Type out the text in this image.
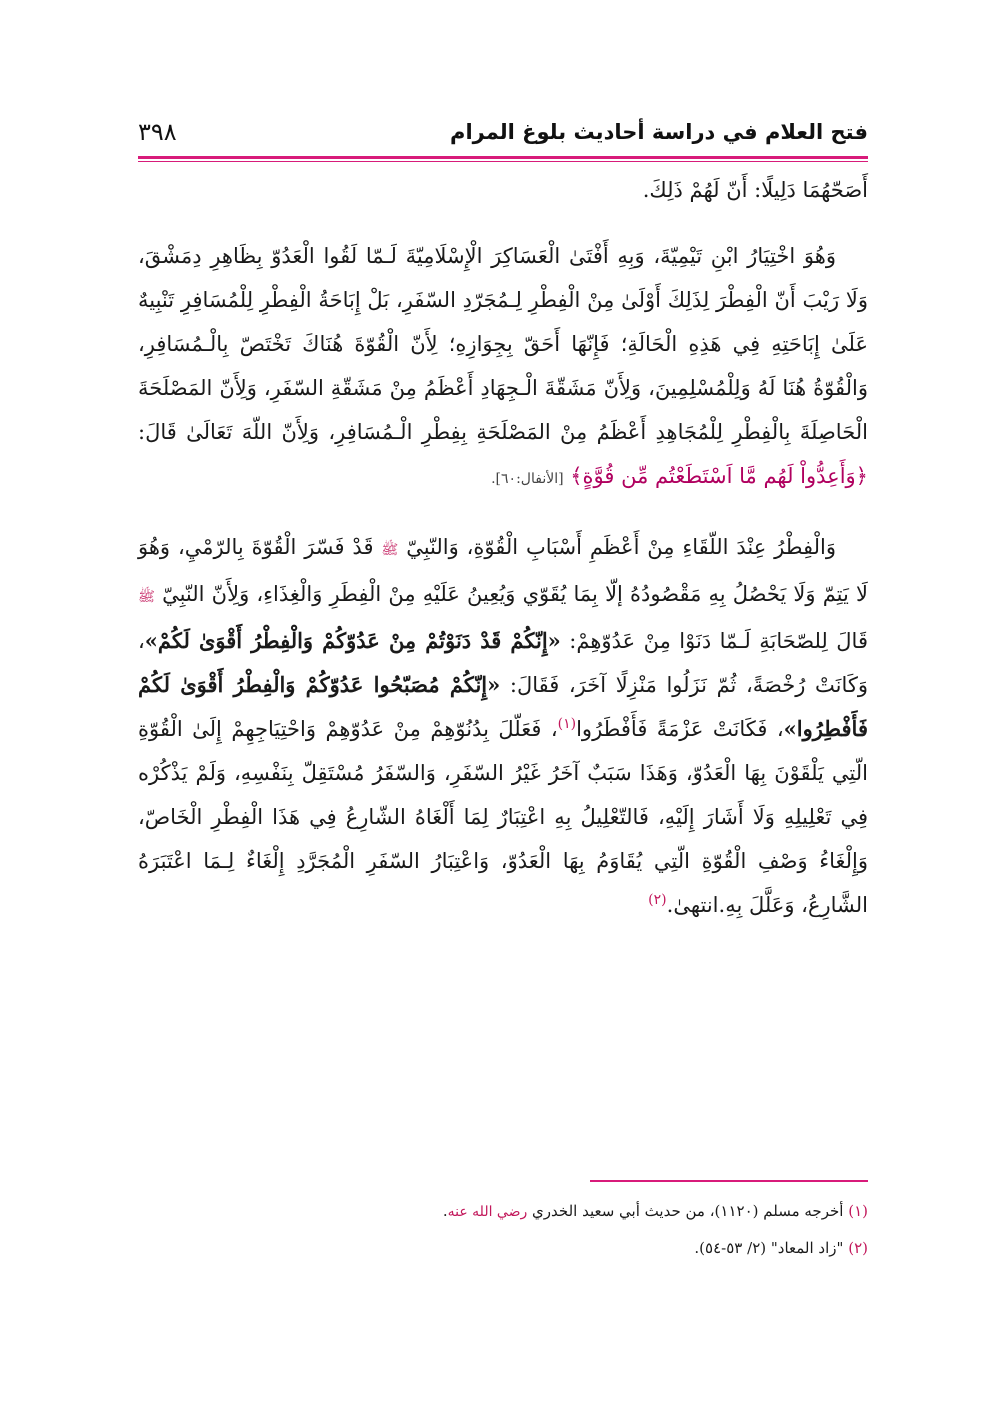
فتح العلام في دراسة أحاديث بلوغ المرام
٣٩٨

أَصَحّهُمَا دَلِيلًا: أَنّ لَهُمْ ذَلِكَ.

وَهُوَ اخْتِيَارُ ابْنِ تَيْمِيّةَ، وَبِهِ أَفْتَىٰ الْعَسَاكِرَ الْإِسْلَامِيّةَ لَـمّا لَقُوا الْعَدُوّ بِظَاهِرِ دِمَشْقَ، وَلَا رَيْبَ أَنّ الْفِطْرَ لِذَلِكَ أَوْلَىٰ مِنْ الْفِطْرِ لِـمُجَرّدِ السّفَرِ، بَلْ إِبَاحَةُ الْفِطْرِ لِلْمُسَافِرِ تَنْبِيهٌ عَلَىٰ إِبَاحَتِهِ فِي هَذِهِ الْحَالَةِ؛ فَإِنّهَا أَحَقّ بِجِوَازِهِ؛ لِأَنّ الْقُوّةَ هُنَاكَ تَخْتَصّ بِالْـمُسَافِرِ، وَالْقُوّةُ هُنَا لَهُ وَلِلْمُسْلِمِينَ، وَلِأَنّ مَشَقّةَ الْـجِهَادِ أَعْظَمُ مِنْ مَشَقّةِ السّفَرِ، وَلِأَنّ المَصْلَحَةَ الْحَاصِلَةَ بِالْفِطْرِ لِلْمُجَاهِدِ أَعْظَمُ مِنْ المَصْلَحَةِ بِفِطْرِ الْـمُسَافِرِ، وَلِأَنّ اللّهَ تَعَالَىٰ قَالَ: ﴿وَأَعِدُّواْ لَهُم مَّا اَسْتَطَعْتُم مِّن قُوَّةٍ﴾ [الأنفال:٦٠].

وَالْفِطْرُ عِنْدَ اللّقَاءِ مِنْ أَعْظَمِ أَسْبَابِ الْقُوّةِ، وَالنّبِيّ ﷺ قَدْ فَسّرَ الْقُوّةَ بِالرّمْيِ، وَهُوَ لَا يَتِمّ وَلَا يَحْصُلُ بِهِ مَقْصُودُهُ إلّا بِمَا يُقَوّي وَيُعِينُ عَلَيْهِ مِنْ الْفِطَرِ وَالْغِذَاءِ، وَلِأَنّ النّبِيّ ﷺ قَالَ لِلصّحَابَةِ لَـمّا دَنَوْا مِنْ عَدُوّهِمْ: «إِنّكُمْ قَدْ دَنَوْتُمْ مِنْ عَدُوّكُمْ وَالْفِطْرُ أَقْوَىٰ لَكُمْ»، وَكَانَتْ رُخْصَةً، ثُمّ نَزَلُوا مَنْزِلًا آخَرَ، فَقَالَ: «إِنّكُمْ مُصَبّحُوا عَدُوّكُمْ وَالْفِطْرُ أَقْوَىٰ لَكُمْ فَأَفْطِرُوا»، فَكَانَتْ عَزْمَةً فَأَفْطَرُوا$^{(١)}$، فَعَلّلَ بِدُنُوّهِمْ مِنْ عَدُوّهِمْ وَاحْتِيَاجِهِمْ إِلَىٰ الْقُوّةِ الّتِي يَلْقَوْنَ بِهَا الْعَدُوّ، وَهَذَا سَبَبٌ آخَرُ غَيْرُ السّفَرِ، وَالسّفَرُ مُسْتَقِلّ بِنَفْسِهِ، وَلَمْ يَذْكُرْه فِي تَعْلِيلِهِ وَلَا أَشَارَ إِلَيْهِ، فَالتّعْلِيلُ بِهِ اعْتِبَارٌ لِمَا أَلْغَاهُ الشّارِعُ فِي هَذَا الْفِطْرِ الْخَاصّ، وَإِلْغَاءُ وَصْفِ الْقُوّةِ الّتِي يُقَاوَمُ بِهَا الْعَدُوّ، وَاعْتِبَارُ السّفَرِ الْمُجَرَّدِ إِلْغَاءٌ لِـمَا اعْتَبَرَهُ الشَّارِعُ، وَعَلَّلَ بِهِ.انتهىٰ.$^{(٢)}$

(١) أخرجه مسلم (١١٢٠)، من حديث أبي سعيد الخدري رضي الله عنه.
(٢) "زاد المعاد" (٢/ ٥٣-٥٤).
